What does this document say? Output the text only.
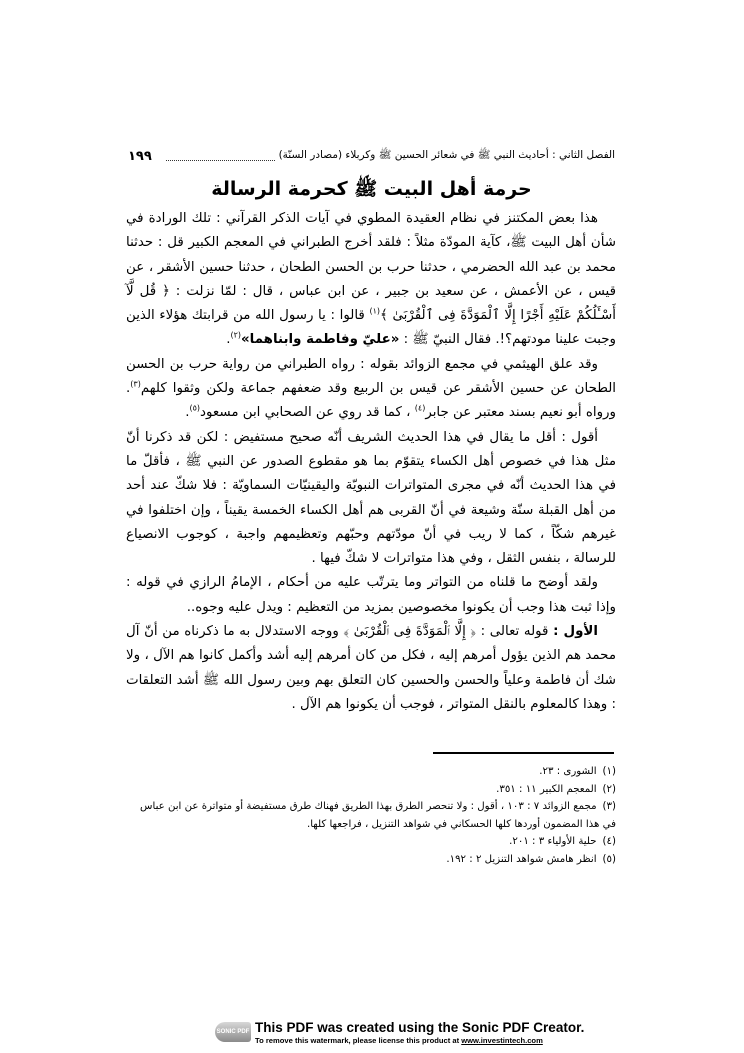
الفصل الثاني : أحاديث النبي ﷺ في شعائر الحسين ﷺ وكربلاء (مصادر السنّة)
١٩٩
حرمة أهل البيت ﷺ كحرمة الرسالة

هذا بعض المكتنز في نظام العقيدة المطوي في آيات الذكر القرآني : تلك الورادة في شأن أهل البيت ﷺ، كآية المودّة مثلاً : فلقد أخرج الطبراني في المعجم الكبير قل : حدثنا محمد بن عبد الله الحضرمي ، حدثنا حرب بن الحسن الطحان ، حدثنا حسين الأشقر ، عن قيس ، عن الأعمش ، عن سعيد بن جبير ، عن ابن عباس ، قال : لمّا نزلت : ﴿ قُل لَّآ أَسْـَٔلُكُمْ عَلَيْهِ أَجْرًا إِلَّا ٱلْمَوَدَّةَ فِى ٱلْقُرْبَىٰ ﴾$^{(١)}$ قالوا : يا رسول الله من قرابتك هؤلاء الذين وجبت علينا مودتهم؟!. فقال النبيّ ﷺ : «عليّ وفاطمة وابناهما»$^{(٢)}$.

وقد علق الهيثمي في مجمع الزوائد بقوله : رواه الطبراني من رواية حرب بن الحسن الطحان عن حسين الأشقر عن قيس بن الربيع وقد ضعفهم جماعة ولكن وثقوا كلهم$^{(٣)}$. ورواه أبو نعيم بسند معتبر عن جابر$^{(٤)}$ ، كما قد روي عن الصحابي ابن مسعود$^{(٥)}$.

أقول : أقل ما يقال في هذا الحديث الشريف أنّه صحيح مستفيض : لكن قد ذكرنا أنّ مثل هذا في خصوص أهل الكساء يتقوّم بما هو مقطوع الصدور عن النبي ﷺ ، فأقلّ ما في هذا الحديث أنّه في مجرى المتواترات النبويّة واليقينيّات السماويّة : فلا شكّ عند أحد من أهل القبلة سنّة وشيعة في أنّ القربى هم أهل الكساء الخمسة يقيناً ، وإن اختلفوا في غيرهم شكّاً ، كما لا ريب في أنّ مودّتهم وحبّهم وتعظيمهم واجبة ، كوجوب الانصياع للرسالة ، بنفس الثقل ، وفي هذا متواترات لا شكّ فيها .

ولقد أوضح ما قلناه من التواتر وما يترتّب عليه من أحكام ، الإمامُ الرازي في قوله : وإذا ثبت هذا وجب أن يكونوا مخصوصين بمزيد من التعظيم : ويدل عليه وجوه..

الأول : قوله تعالى : ﴿ إِلَّا ٱلْمَوَدَّةَ فِى ٱلْقُرْبَىٰ ﴾ ووجه الاستدلال به ما ذكرناه من أنّ آل محمد هم الذين يؤول أمرهم إليه ، فكل من كان أمرهم إليه أشد وأكمل كانوا هم الآل ، ولا شك أن فاطمة وعلياً والحسن والحسين كان التعلق بهم وبين رسول الله ﷺ أشد التعلقات : وهذا كالمعلوم بالنقل المتواتر ، فوجب أن يكونوا هم الآل .

(١)الشورى : ٢٣.

(٢)المعجم الكبير ١١ : ٣٥١.

(٣)مجمع الزوائد ٧ : ١٠٣ ، أقول : ولا تنحصر الطرق بهذا الطريق فهناك طرق مستفيضة أو متواترة عن ابن عباس في هذا المضمون أوردها كلها الحسكاني في شواهد التنزيل ، فراجعها كلها.

(٤)حلية الأولياء ٣ : ٢٠١.

(٥)انظر هامش شواهد التنزيل ٢ : ١٩٢.

SONIC PDF This PDF was created using the Sonic PDF Creator.
To remove this watermark, please license this product at www.investintech.com
